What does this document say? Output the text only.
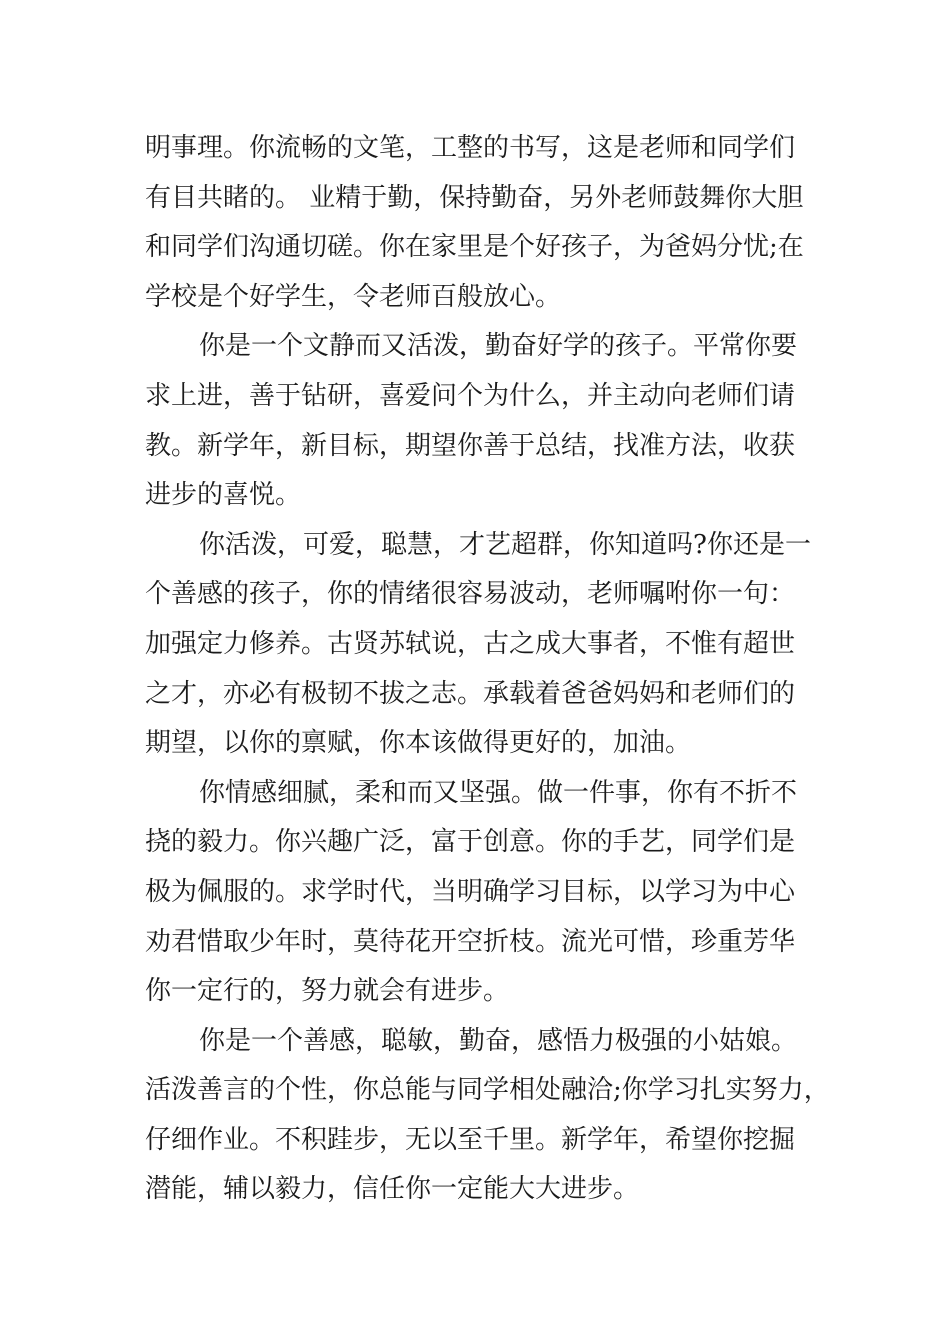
明事理。你流畅的文笔，工整的书写，这是老师和同学们
有目共睹的。 业精于勤，保持勤奋，另外老师鼓舞你大胆
和同学们沟通切磋。你在家里是个好孩子，为爸妈分忧;在
学校是个好学生，令老师百般放心。
你是一个文静而又活泼，勤奋好学的孩子。平常你要
求上进，善于钻研，喜爱问个为什么，并主动向老师们请
教。新学年，新目标，期望你善于总结，找准方法，收获
进步的喜悦。
你活泼，可爱，聪慧，才艺超群，你知道吗?你还是一
个善感的孩子，你的情绪很容易波动，老师嘱咐你一句：
加强定力修养。古贤苏轼说，古之成大事者，不惟有超世
之才，亦必有极韧不拔之志。承载着爸爸妈妈和老师们的
期望，以你的禀赋，你本该做得更好的，加油。
你情感细腻，柔和而又坚强。做一件事，你有不折不
挠的毅力。你兴趣广泛，富于创意。你的手艺，同学们是
极为佩服的。求学时代，当明确学习目标，以学习为中心
劝君惜取少年时，莫待花开空折枝。流光可惜，珍重芳华
你一定行的，努力就会有进步。
你是一个善感，聪敏，勤奋，感悟力极强的小姑娘。
活泼善言的个性，你总能与同学相处融洽;你学习扎实努力，
仔细作业。不积跬步，无以至千里。新学年，希望你挖掘
潜能，辅以毅力，信任你一定能大大进步。
